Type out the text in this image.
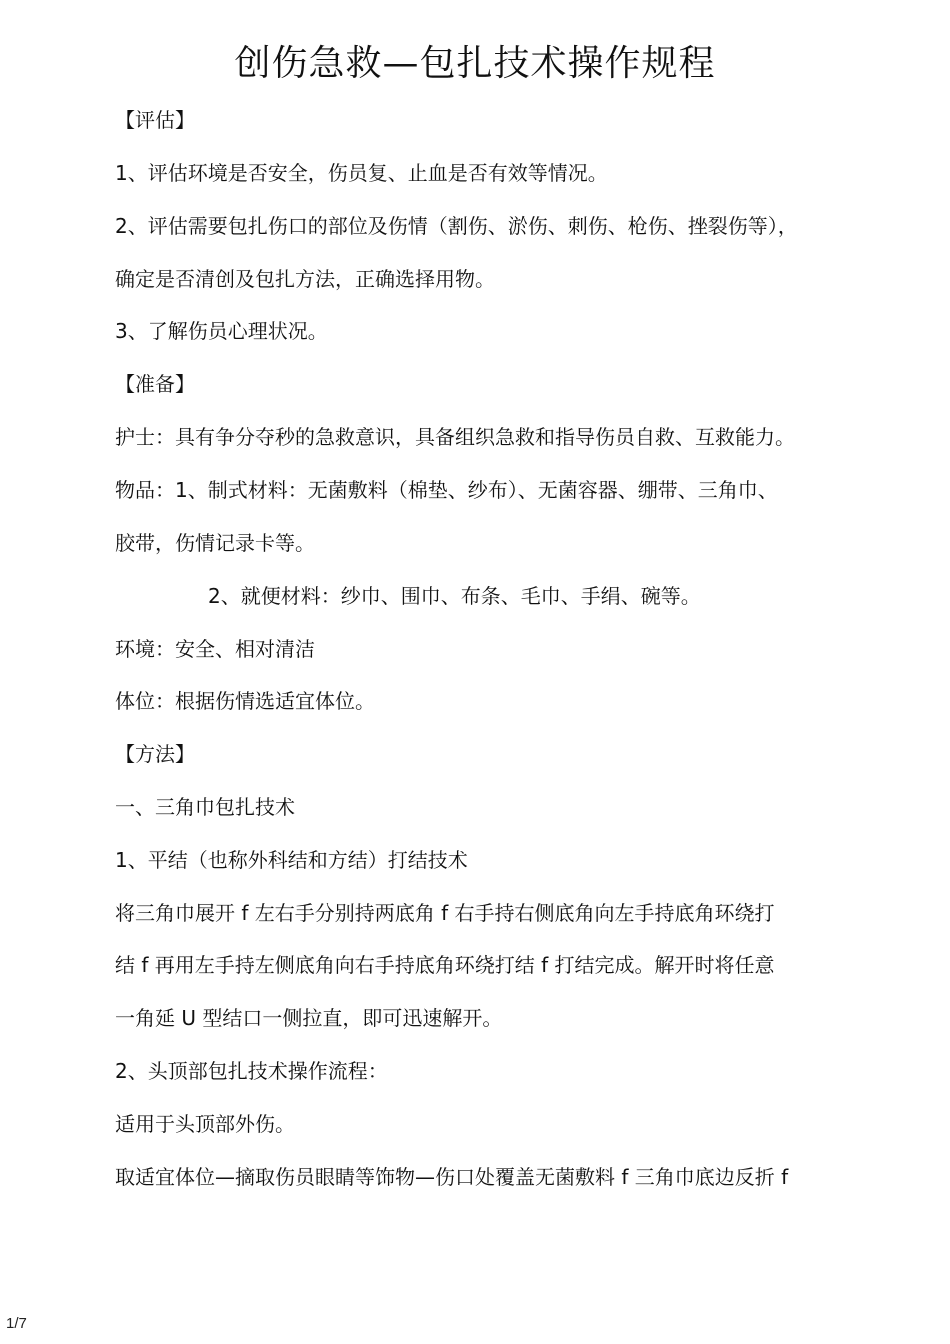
创伤急救—包扎技术操作规程
【评估】
1、评估环境是否安全，伤员复、止血是否有效等情况。
2、评估需要包扎伤口的部位及伤情（割伤、淤伤、刺伤、枪伤、挫裂伤等），
确定是否清创及包扎方法，正确选择用物。
3、了解伤员心理状况。
【准备】
护士：具有争分夺秒的急救意识，具备组织急救和指导伤员自救、互救能力。
物品：1、制式材料：无菌敷料（棉垫、纱布）、无菌容器、绷带、三角巾、
胶带，伤情记录卡等。
2、就便材料：纱巾、围巾、布条、毛巾、手绢、碗等。
环境：安全、相对清洁
体位：根据伤情选适宜体位。
【方法】
一、三角巾包扎技术
1、平结（也称外科结和方结）打结技术
将三角巾展开 f 左右手分别持两底角 f 右手持右侧底角向左手持底角环绕打
结 f 再用左手持左侧底角向右手持底角环绕打结 f 打结完成。解开时将任意
一角延 U 型结口一侧拉直，即可迅速解开。
2、头顶部包扎技术操作流程：
适用于头顶部外伤。
取适宜体位—摘取伤员眼睛等饰物—伤口处覆盖无菌敷料 f 三角巾底边反折 f
1/7
